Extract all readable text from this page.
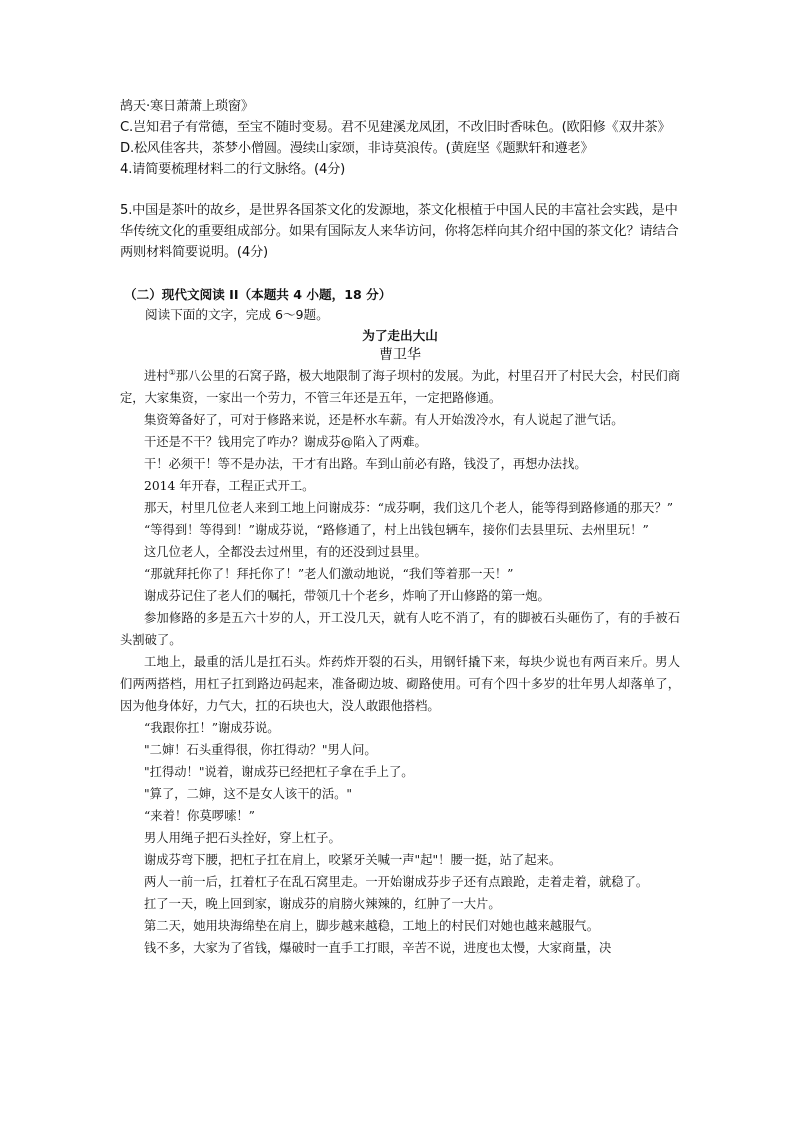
鸪天·寒日萧萧上琐窗》

C.岂知君子有常德，至宝不随时变易。君不见建溪龙凤团，不改旧时香味色。(欧阳修《双井茶》

D.松风佳客共，茶梦小僧圆。漫续山家颂，非诗莫浪传。(黄庭坚《题默轩和遵老》

4.请简要梳理材料二的行文脉络。(4分)

5.中国是茶叶的故乡，是世界各国茶文化的发源地，茶文化根植于中国人民的丰富社会实践，是中华传统文化的重要组成部分。如果有国际友人来华访问，你将怎样向其介绍中国的茶文化？请结合两则材料简要说明。(4分)

（二）现代文阅读 II（本题共 4 小题，18 分）

阅读下面的文字，完成 6～9题。

为了走出大山

曹卫华

进村①那八公里的石窝子路，极大地限制了海子坝村的发展。为此，村里召开了村民大会，村民们商定，大家集资，一家出一个劳力，不管三年还是五年，一定把路修通。

集资筹备好了，可对于修路来说，还是杯水车薪。有人开始泼冷水，有人说起了泄气话。

干还是不干？钱用完了咋办？谢成芬@陷入了两难。

干！必须干！等不是办法，干才有出路。车到山前必有路，钱没了，再想办法找。

2014 年开春，工程正式开工。

那天，村里几位老人来到工地上问谢成芬：“成芬啊，我们这几个老人，能等得到路修通的那天？”

“等得到！等得到！”谢成芬说，“路修通了，村上出钱包辆车，接你们去县里玩、去州里玩！”

这几位老人，全都没去过州里，有的还没到过县里。

“那就拜托你了！拜托你了！”老人们激动地说，“我们等着那一天！”

谢成芬记住了老人们的嘱托，带领几十个老乡，炸响了开山修路的第一炮。

参加修路的多是五六十岁的人，开工没几天，就有人吃不消了，有的脚被石头砸伤了，有的手被石头割破了。

工地上，最重的活儿是扛石头。炸药炸开裂的石头，用钢钎撬下来，每块少说也有两百来斤。男人们两两搭档，用杠子扛到路边码起来，准备砌边坡、砌路使用。可有个四十多岁的壮年男人却落单了，因为他身体好，力气大，扛的石块也大，没人敢跟他搭档。

“我跟你扛！”谢成芬说。

"二婶！石头重得很，你扛得动？"男人问。

"扛得动！"说着，谢成芬已经把杠子拿在手上了。

"算了，二婶，这不是女人该干的活。"

“来着！你莫啰嗦！”

男人用绳子把石头拴好，穿上杠子。

谢成芬弯下腰，把杠子扛在肩上，咬紧牙关喊一声"起"！腰一挺，站了起来。

两人一前一后，扛着杠子在乱石窝里走。一开始谢成芬步子还有点踉跄，走着走着，就稳了。

扛了一天，晚上回到家，谢成芬的肩膀火辣辣的，红肿了一大片。

第二天，她用块海绵垫在肩上，脚步越来越稳，工地上的村民们对她也越来越服气。

钱不多，大家为了省钱，爆破时一直手工打眼，辛苦不说，进度也太慢，大家商量，决
